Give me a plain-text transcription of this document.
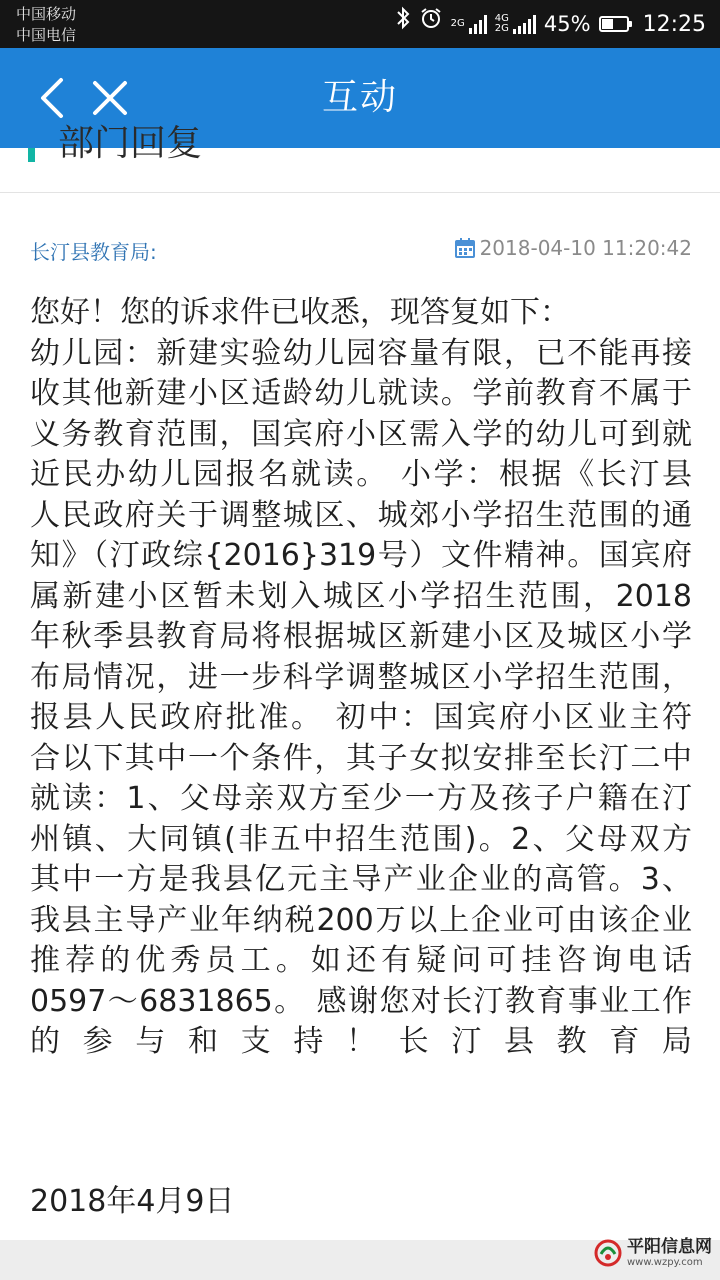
中国移动
中国电信
2G	4G
2G 45% 12:25
互动
部门回复
长汀县教育局:	2018-04-10 11:20:42
您好！您的诉求件已收悉，现答复如下：
幼儿园：新建实验幼儿园容量有限，已不能再接
收其他新建小区适龄幼儿就读。学前教育不属于
义务教育范围，国宾府小区需入学的幼儿可到就
近民办幼儿园报名就读。 小学：根据《长汀县
人民政府关于调整城区、城郊小学招生范围的通
知》（汀政综{2016}319号）文件精神。国宾府
属新建小区暂未划入城区小学招生范围，2018
年秋季县教育局将根据城区新建小区及城区小学
布局情况，进一步科学调整城区小学招生范围，
报县人民政府批准。 初中：国宾府小区业主符
合以下其中一个条件，其子女拟安排至长汀二中
就读：1、父母亲双方至少一方及孩子户籍在汀
州镇、大同镇(非五中招生范围)。2、父母双方
其中一方是我县亿元主导产业企业的高管。3、
我县主导产业年纳税200万以上企业可由该企业
推荐的优秀员工。如还有疑问可挂咨询电话
0597～6831865。 感谢您对长汀教育事业工作
的 参 与 和 支 持 ！ 长 汀 县 教 育 局
2018年4月9日
平阳信息网
www.wzpy.com
